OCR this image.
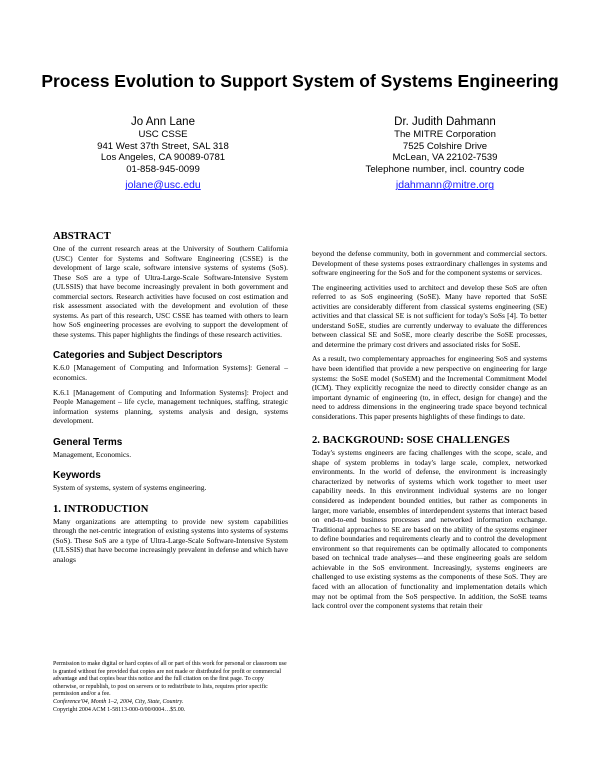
Process Evolution to Support System of Systems Engineering
Jo Ann Lane
USC CSSE
941 West 37th Street, SAL 318
Los Angeles, CA 90089-0781
01-858-945-0099
jolane@usc.edu
Dr. Judith Dahmann
The MITRE Corporation
7525 Colshire Drive
McLean, VA 22102-7539
Telephone number, incl. country code
jdahmann@mitre.org
ABSTRACT
One of the current research areas at the University of Southern California (USC) Center for Systems and Software Engineering (CSSE) is the development of large scale, software intensive systems of systems (SoS). These SoS are a type of Ultra-Large-Scale Software-Intensive System (ULSSIS) that have become increasingly prevalent in both government and commercial sectors. Research activities have focused on cost estimation and risk assessment associated with the development and evolution of these systems. As part of this research, USC CSSE has teamed with others to learn how SoS engineering processes are evolving to support the development of these systems. This paper highlights the findings of these research activities.
Categories and Subject Descriptors
K.6.0 [Management of Computing and Information Systems]: General – economics.
K.6.1 [Management of Computing and Information Systems]: Project and People Management – life cycle, management techniques, staffing, strategic information systems planning, systems analysis and design, systems development.
General Terms
Management, Economics.
Keywords
System of systems, system of systems engineering.
1. INTRODUCTION
Many organizations are attempting to provide new system capabilities through the net-centric integration of existing systems into systems of systems (SoS). These SoS are a type of Ultra-Large-Scale Software-Intensive System (ULSSIS) that have become increasingly prevalent in defense and which have analogs
Permission to make digital or hard copies of all or part of this work for personal or classroom use is granted without fee provided that copies are not made or distributed for profit or commercial advantage and that copies bear this notice and the full citation on the first page. To copy otherwise, or republish, to post on servers or to redistribute to lists, requires prior specific permission and/or a fee.
Conference'04, Month 1–2, 2004, City, State, Country.
Copyright 2004 ACM 1-58113-000-0/00/0004…$5.00.
beyond the defense community, both in government and commercial sectors. Development of these systems poses extraordinary challenges in systems and software engineering for the SoS and for the component systems or services.
The engineering activities used to architect and develop these SoS are often referred to as SoS engineering (SoSE). Many have reported that SoSE activities are considerably different from classical systems engineering (SE) activities and that classical SE is not sufficient for today's SoSs [4]. To better understand SoSE, studies are currently underway to evaluate the differences between classical SE and SoSE, more clearly describe the SoSE processes, and determine the primary cost drivers and associated risks for SoSE.
As a result, two complementary approaches for engineering SoS and systems have been identified that provide a new perspective on engineering for large systems: the SoSE model (SoSEM) and the Incremental Commitment Model (ICM). They explicitly recognize the need to directly consider change as an important dynamic of engineering (to, in effect, design for change) and the need to address dimensions in the engineering trade space beyond technical considerations. This paper presents highlights of these findings to date.
2. BACKGROUND: SOSE CHALLENGES
Today's systems engineers are facing challenges with the scope, scale, and shape of system problems in today's large scale, complex, networked environments. In the world of defense, the environment is increasingly characterized by networks of systems which work together to meet user capability needs. In this environment individual systems are no longer considered as independent bounded entities, but rather as components in larger, more variable, ensembles of interdependent systems that interact based on end-to-end business processes and networked information exchange. Traditional approaches to SE are based on the ability of the systems engineer to define boundaries and requirements clearly and to control the development environment so that requirements can be optimally allocated to components based on technical trade analyses—and these engineering goals are seldom achievable in the SoS environment. Increasingly, systems engineers are challenged to use existing systems as the components of these SoS. They are faced with an allocation of functionality and implementation details which may not be optimal from the SoS perspective. In addition, the SoSE teams lack control over the component systems that retain their
